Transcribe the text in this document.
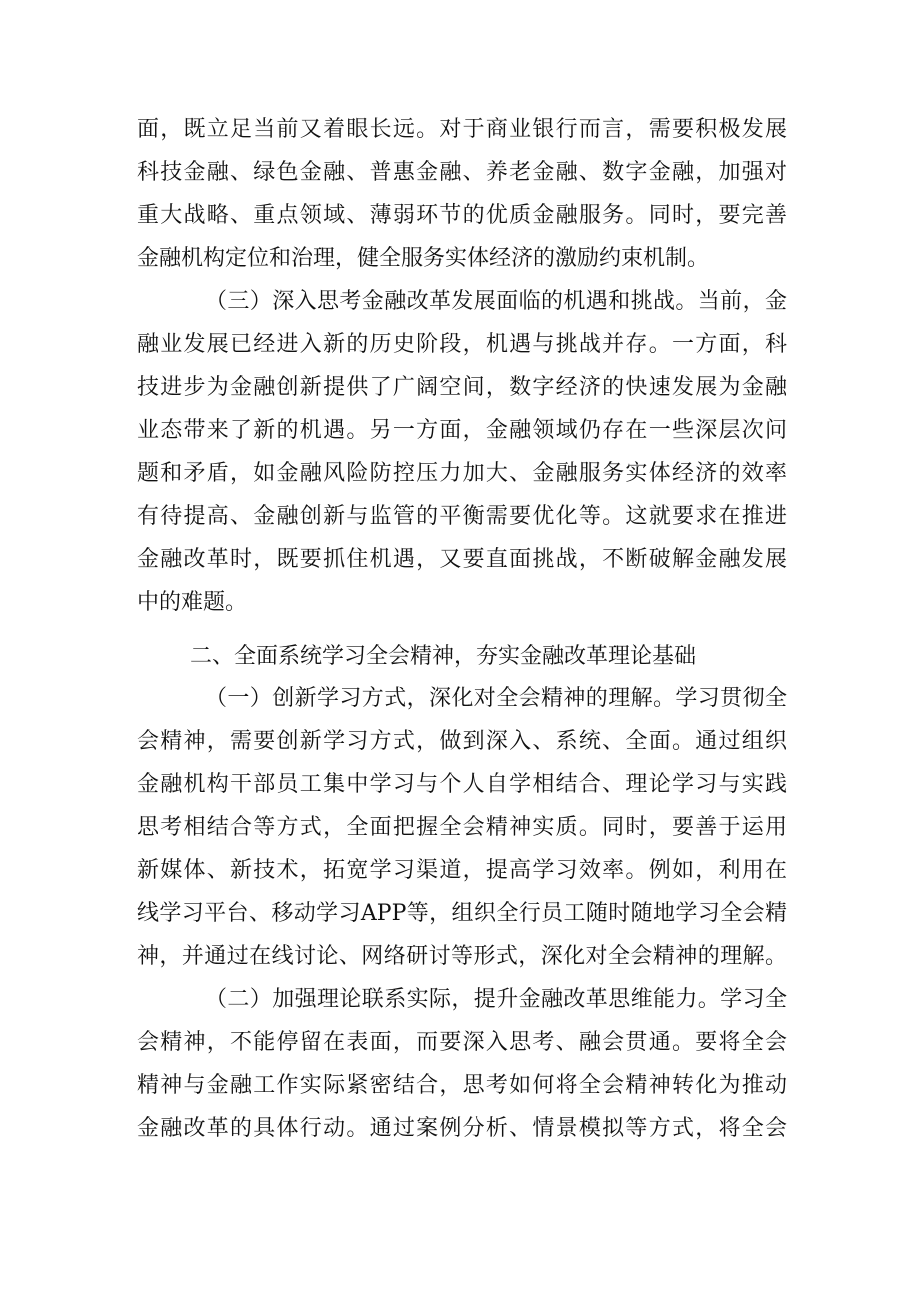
面，既立足当前又着眼长远。对于商业银行而言，需要积极发展
科技金融、绿色金融、普惠金融、养老金融、数字金融，加强对
重大战略、重点领域、薄弱环节的优质金融服务。同时，要完善
金融机构定位和治理，健全服务实体经济的激励约束机制。
（三）深入思考金融改革发展面临的机遇和挑战。当前，金
融业发展已经进入新的历史阶段，机遇与挑战并存。一方面，科
技进步为金融创新提供了广阔空间，数字经济的快速发展为金融
业态带来了新的机遇。另一方面，金融领域仍存在一些深层次问
题和矛盾，如金融风险防控压力加大、金融服务实体经济的效率
有待提高、金融创新与监管的平衡需要优化等。这就要求在推进
金融改革时，既要抓住机遇，又要直面挑战，不断破解金融发展
中的难题。
二、全面系统学习全会精神，夯实金融改革理论基础
（一）创新学习方式，深化对全会精神的理解。学习贯彻全
会精神，需要创新学习方式，做到深入、系统、全面。通过组织
金融机构干部员工集中学习与个人自学相结合、理论学习与实践
思考相结合等方式，全面把握全会精神实质。同时，要善于运用
新媒体、新技术，拓宽学习渠道，提高学习效率。例如，利用在
线学习平台、移动学习APP等，组织全行员工随时随地学习全会精
神，并通过在线讨论、网络研讨等形式，深化对全会精神的理解。
（二）加强理论联系实际，提升金融改革思维能力。学习全
会精神，不能停留在表面，而要深入思考、融会贯通。要将全会
精神与金融工作实际紧密结合，思考如何将全会精神转化为推动
金融改革的具体行动。通过案例分析、情景模拟等方式，将全会
